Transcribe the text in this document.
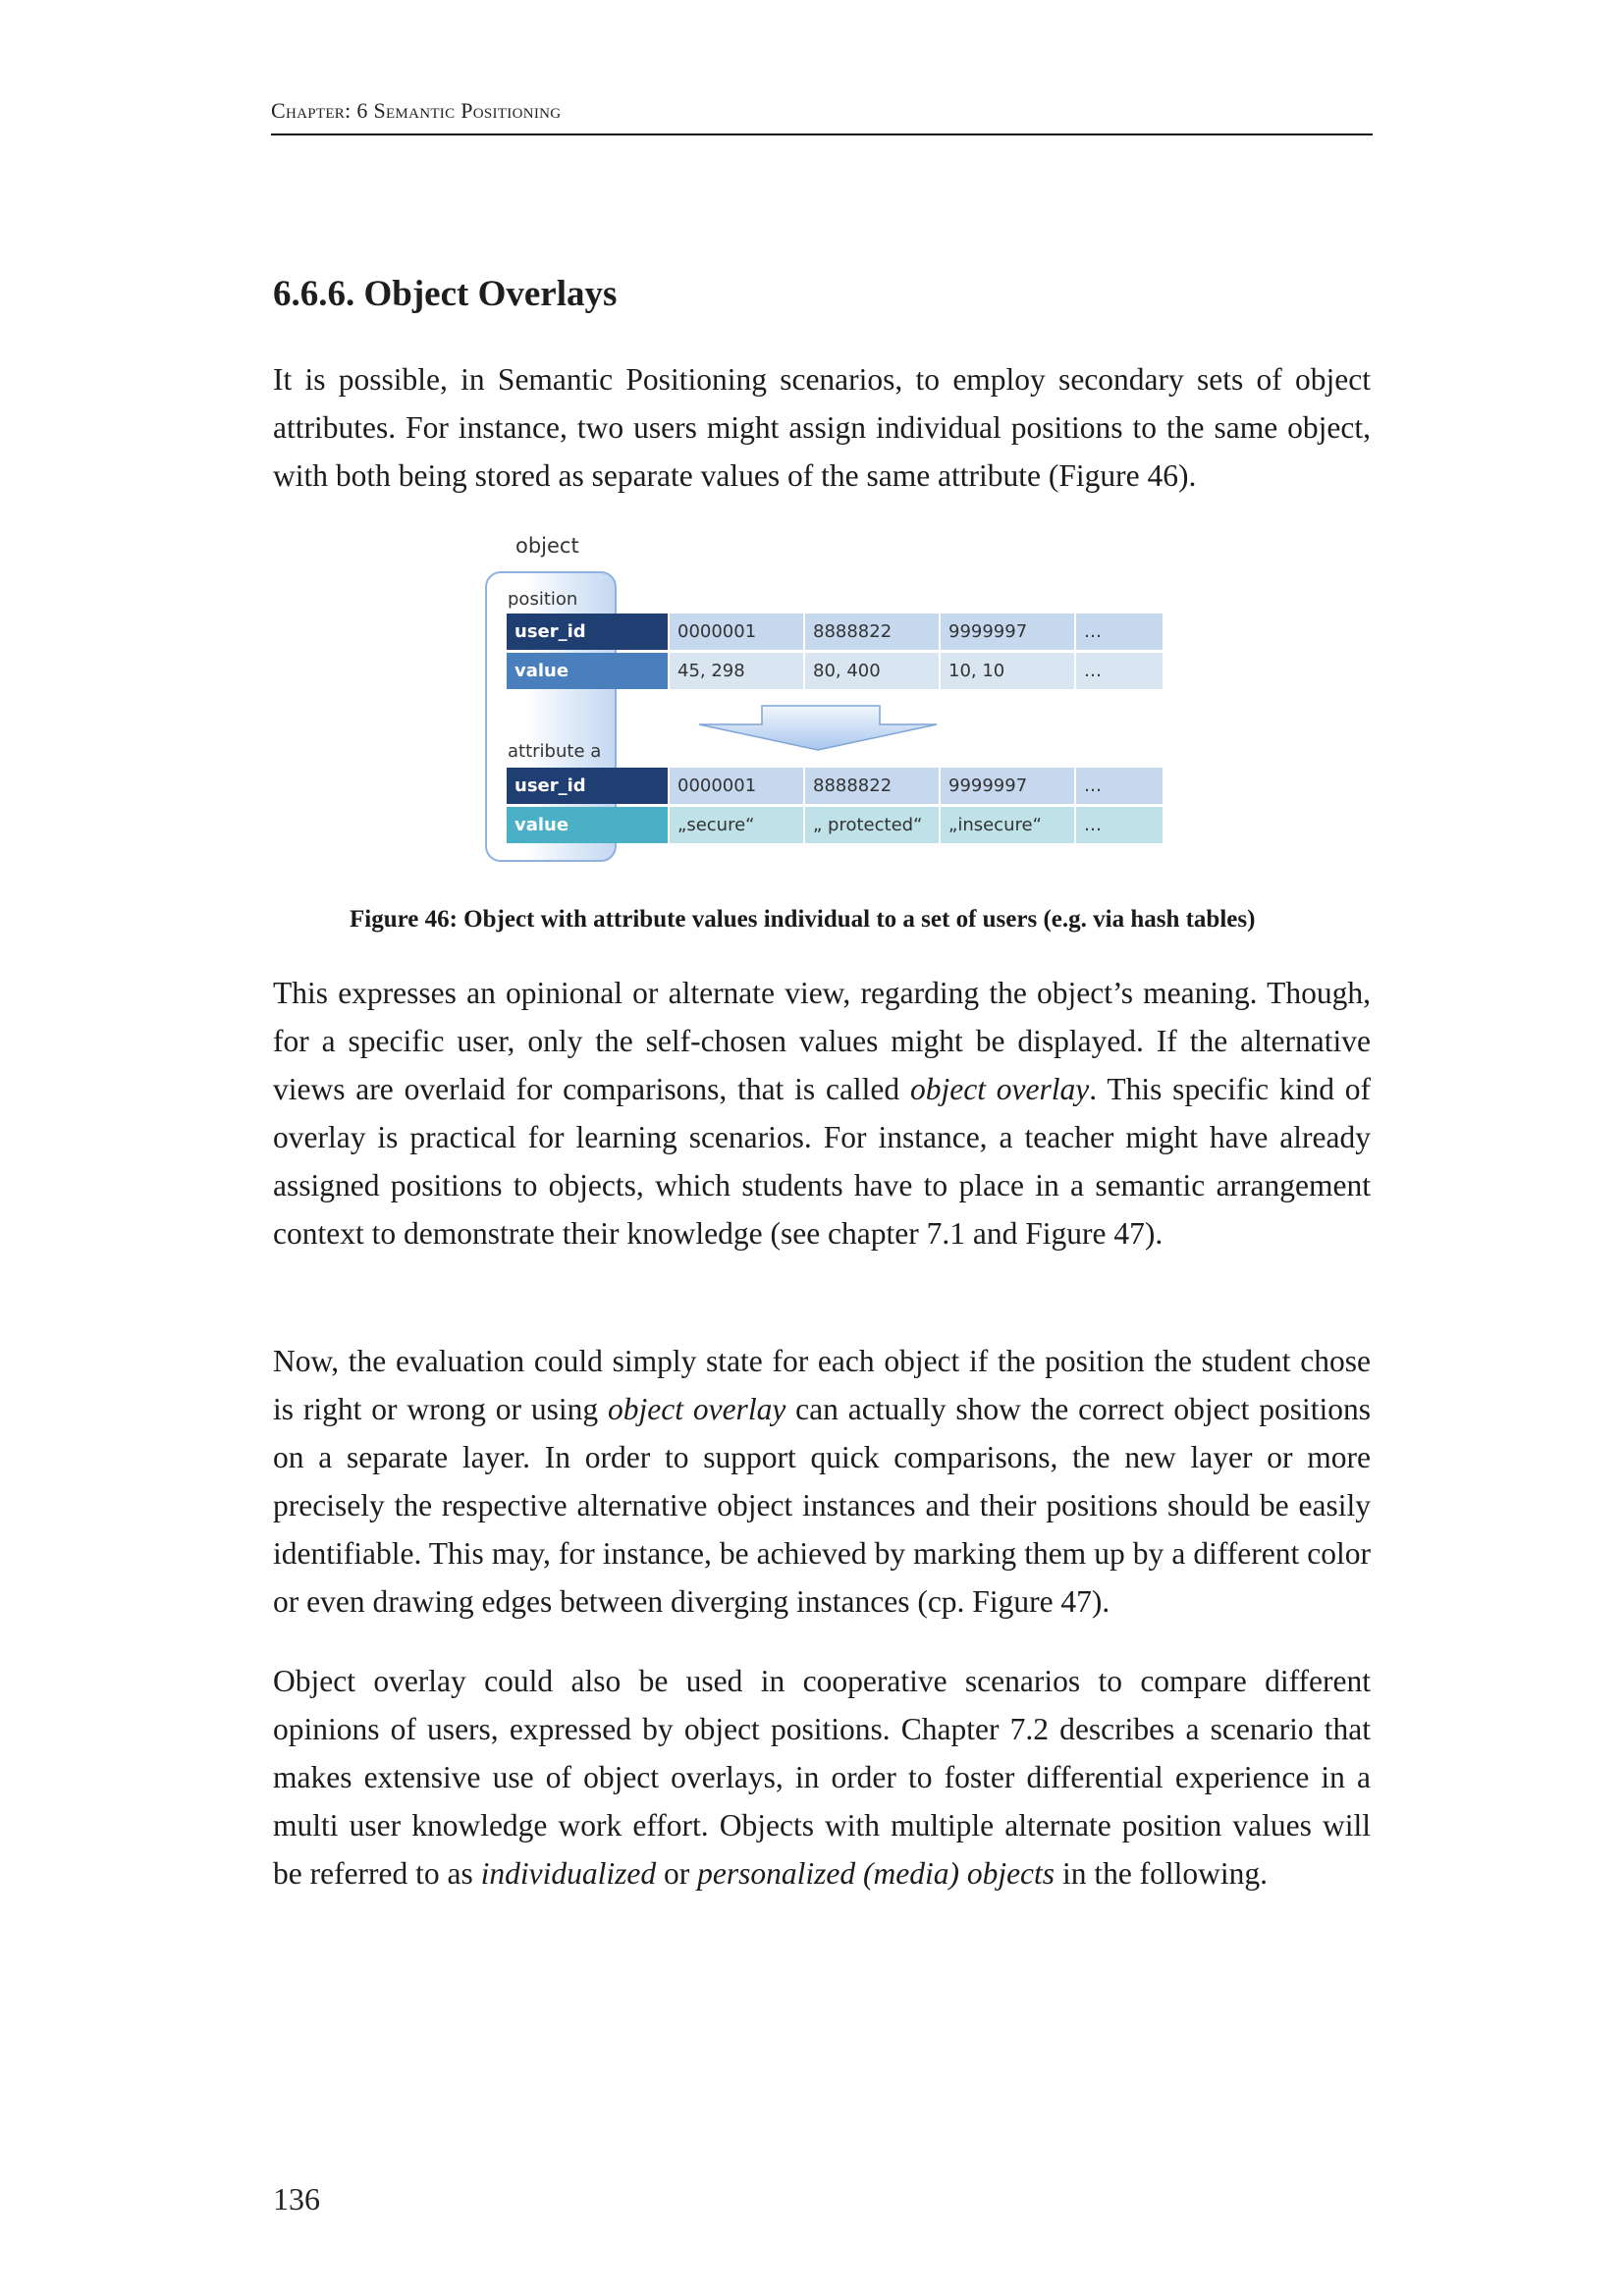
Chapter: 6 Semantic Positioning
6.6.6. Object Overlays

It is possible, in Semantic Positioning scenarios, to employ secondary sets of object attributes. For instance, two users might assign individual positions to the same object, with both being stored as separate values of the same attribute (Figure 46).

object
position
user_id	0000001	8888822	9999997	…
value	45, 298	80, 400	10, 10	…
attribute a
user_id	0000001	8888822	9999997	…
value	„secure“	„ protected“	„insecure“	…
Figure 46: Object with attribute values individual to a set of users (e.g. via hash tables)

This expresses an opinional or alternate view, regarding the object’s meaning. Though, for a specific user, only the self-chosen values might be displayed. If the alternative views are overlaid for comparisons, that is called object overlay. This specific kind of overlay is practical for learning scenarios. For instance, a teacher might have already assigned positions to objects, which students have to place in a semantic arrangement context to demonstrate their knowledge (see chapter 7.1 and Figure 47).

Now, the evaluation could simply state for each object if the position the student chose is right or wrong or using object overlay can actually show the correct object positions on a separate layer. In order to support quick comparisons, the new layer or more precisely the respective alternative object instances and their positions should be easily identifiable. This may, for instance, be achieved by marking them up by a different color or even drawing edges between diverging instances (cp. Figure 47).

Object overlay could also be used in cooperative scenarios to compare different opinions of users, expressed by object positions. Chapter 7.2 describes a scenario that makes extensive use of object overlays, in order to foster differential experience in a multi user knowledge work effort. Objects with multiple alternate position values will be referred to as individualized or personalized (media) objects in the following.

136
